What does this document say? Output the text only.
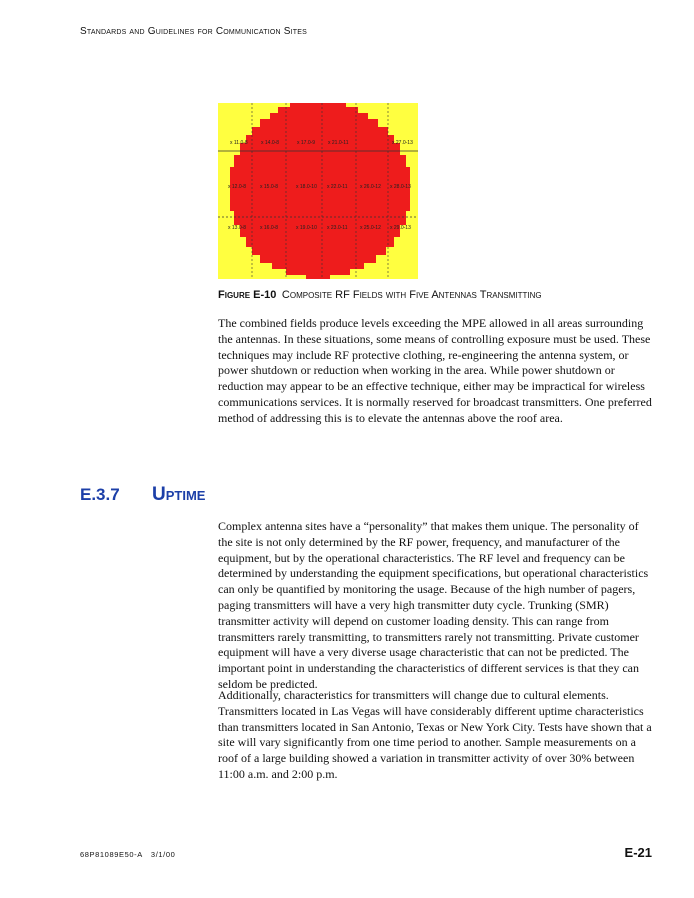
Standards and Guidelines for Communication Sites
x 11.0-8	x 14.0-8	x 17.0-9	x 21.0-11	x 27.0-13
x 12.0-8	x 15.0-8	x 18.0-10 x 22.0-11	x 26.0-12 x 28.0-13
x 13.0-8	x 16.0-8	x 19.0-10 x 23.0-11	x 25.0-12 x 29.0-13
Figure E-10 Composite RF Fields with Five Antennas Transmitting

The combined fields produce levels exceeding the MPE allowed in all areas surrounding the antennas. In these situations, some means of controlling exposure must be used. These techniques may include RF protective clothing, re-engineering the antenna system, or power shutdown or reduction when working in the area. While power shutdown or reduction may appear to be an effective technique, either may be impractical for wireless communications services. It is normally reserved for broadcast transmitters. One preferred method of addressing this is to elevate the antennas above the roof area.

E.3.7 Uptime

Complex antenna sites have a “personality” that makes them unique. The personality of the site is not only determined by the RF power, frequency, and manufacturer of the equipment, but by the operational characteristics. The RF level and frequency can be determined by understanding the equipment specifications, but operational characteristics can only be quantified by monitoring the usage. Because of the high number of pagers, paging transmitters will have a very high transmitter duty cycle. Trunking (SMR) transmitter activity will depend on customer loading density. This can range from transmitters rarely transmitting, to transmitters rarely not transmitting. Private customer equipment will have a very diverse usage characteristic that can not be predicted. The important point in understanding the characteristics of different services is that they can seldom be predicted.

Additionally, characteristics for transmitters will change due to cultural elements. Transmitters located in Las Vegas will have considerably different uptime characteristics than transmitters located in San Antonio, Texas or New York City. Tests have shown that a site will vary significantly from one time period to another. Sample measurements on a roof of a large building showed a variation in transmitter activity of over 30% between 11:00 a.m. and 2:00 p.m.

68P81089E50-A 3/1/00	E-21
